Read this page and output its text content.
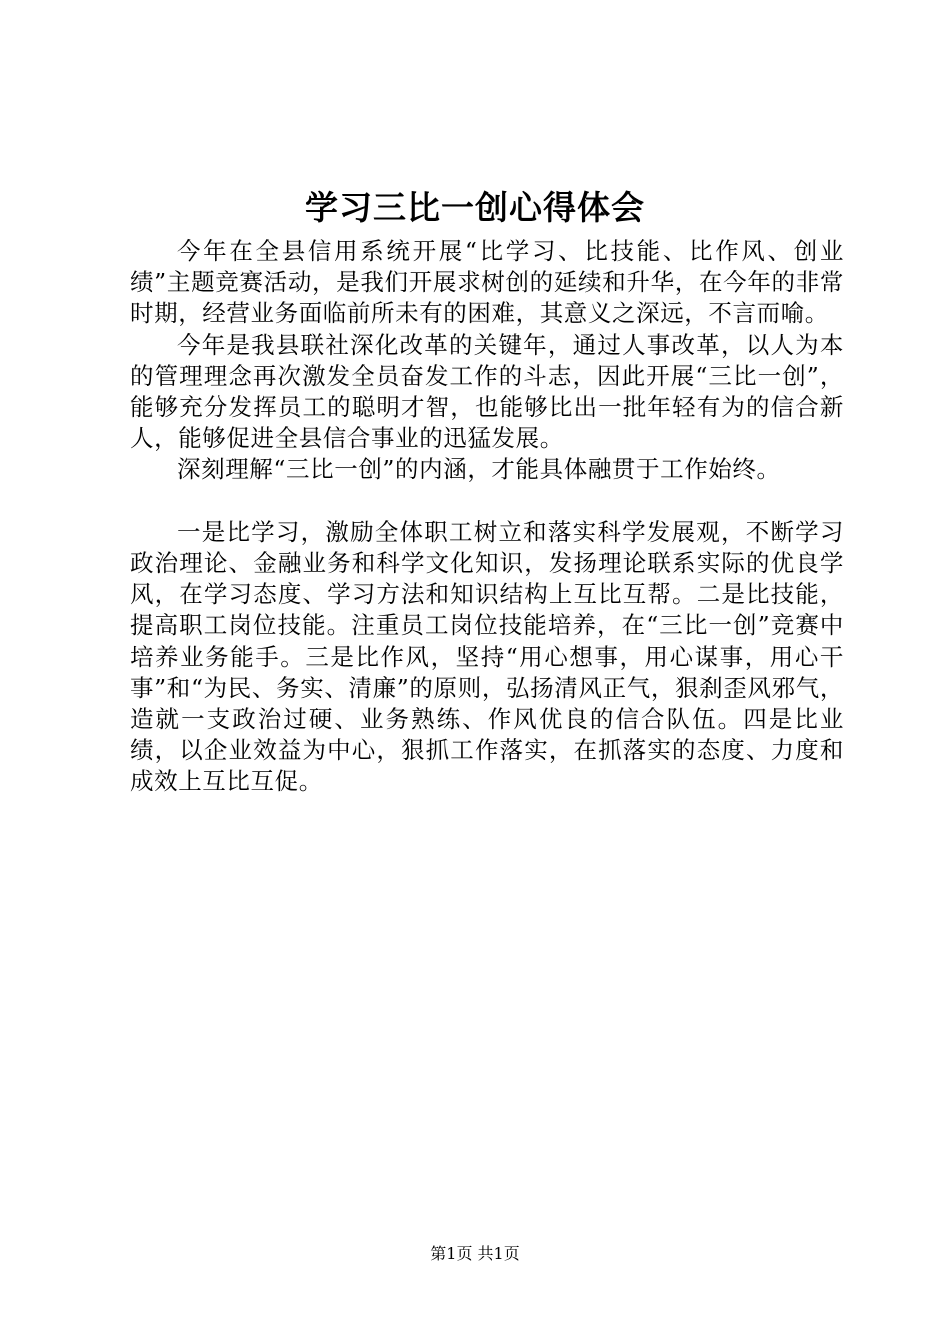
学习三比一创心得体会

今年在全县信用系统开展“比学习、比技能、比作风、创业绩”主题竞赛活动，是我们开展求树创的延续和升华，在今年的非常时期，经营业务面临前所未有的困难，其意义之深远，不言而喻。

今年是我县联社深化改革的关键年，通过人事改革，以人为本的管理理念再次激发全员奋发工作的斗志，因此开展“三比一创”，能够充分发挥员工的聪明才智，也能够比出一批年轻有为的信合新人，能够促进全县信合事业的迅猛发展。

深刻理解“三比一创”的内涵，才能具体融贯于工作始终。

一是比学习，激励全体职工树立和落实科学发展观，不断学习政治理论、金融业务和科学文化知识，发扬理论联系实际的优良学风，在学习态度、学习方法和知识结构上互比互帮。二是比技能，提高职工岗位技能。注重员工岗位技能培养，在“三比一创”竞赛中培养业务能手。三是比作风，坚持“用心想事，用心谋事，用心干事”和“为民、务实、清廉”的原则，弘扬清风正气，狠刹歪风邪气，造就一支政治过硬、业务熟练、作风优良的信合队伍。四是比业绩，以企业效益为中心，狠抓工作落实，在抓落实的态度、力度和成效上互比互促。

第1页 共1页
